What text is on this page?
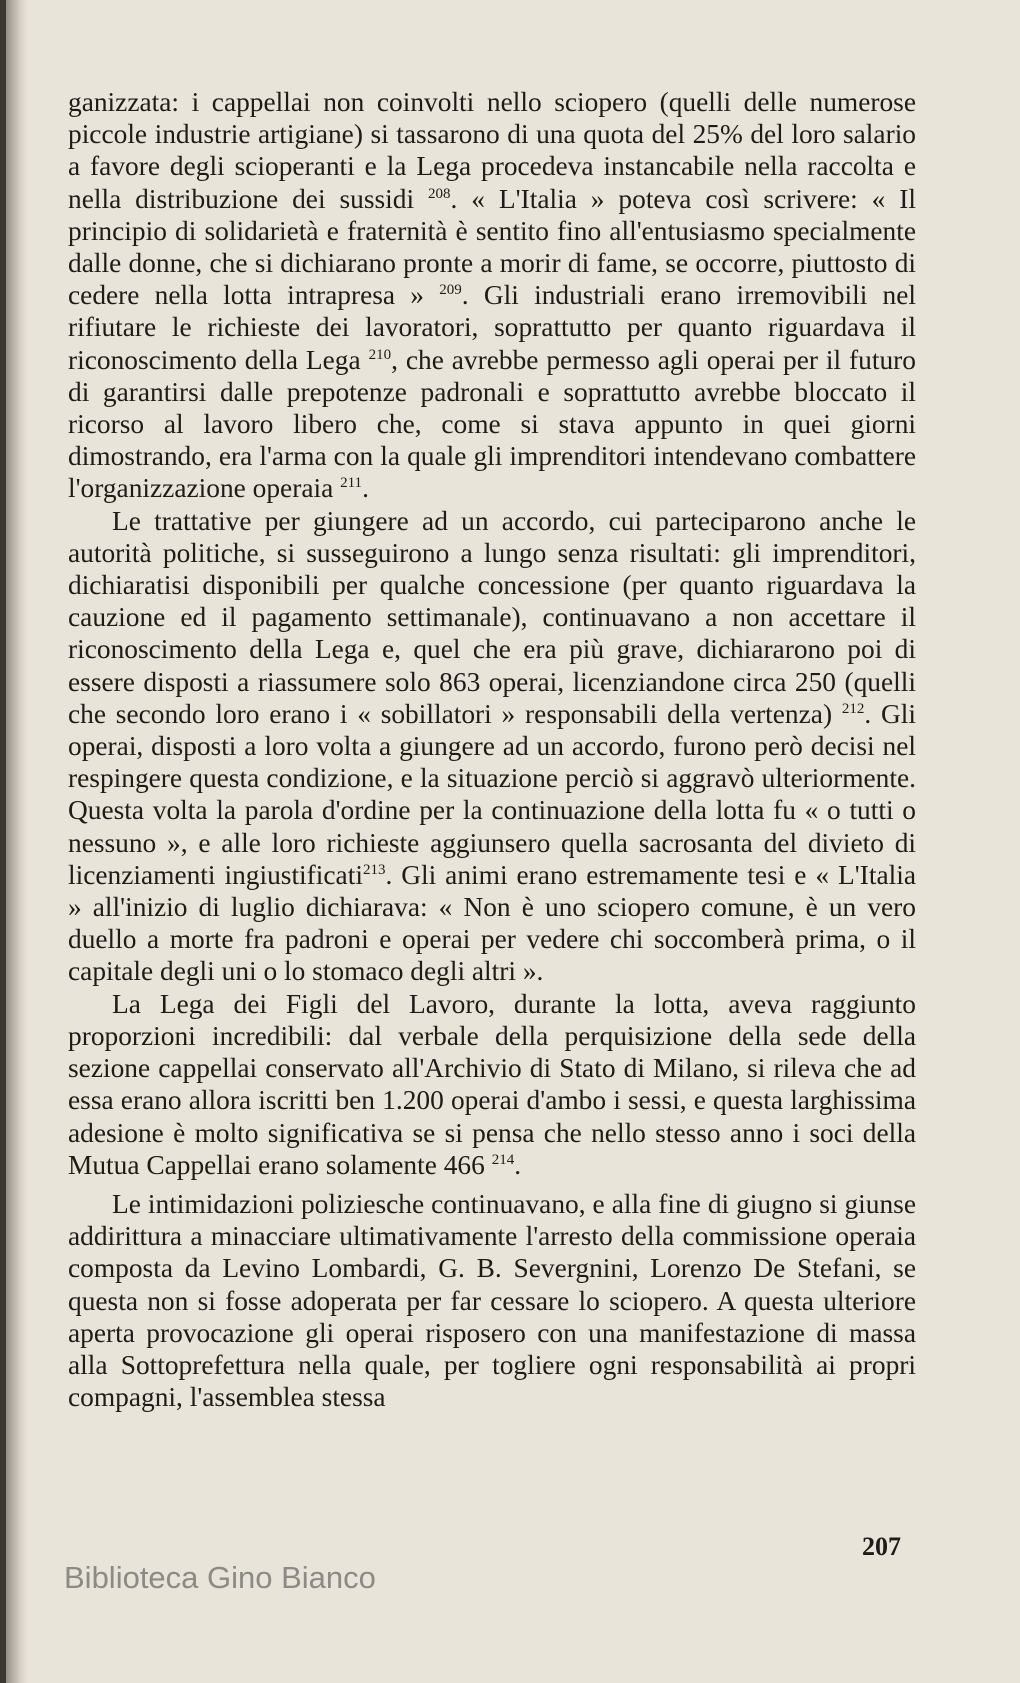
ganizzata: i cappellai non coinvolti nello sciopero (quelli delle numerose piccole industrie artigiane) si tassarono di una quota del 25% del loro salario a favore degli scioperanti e la Lega procedeva instancabile nella raccolta e nella distribuzione dei sussidi $^{208}$. « L'Italia » poteva così scrivere: « Il principio di solidarietà e fraternità è sentito fino all'entusiasmo specialmente dalle donne, che si dichiarano pronte a morir di fame, se occorre, piuttosto di cedere nella lotta intrapresa » $^{209}$. Gli industriali erano irremovibili nel rifiutare le richieste dei lavoratori, soprattutto per quanto riguardava il riconoscimento della Lega $^{210}$, che avrebbe permesso agli operai per il futuro di garantirsi dalle prepotenze padronali e soprattutto avrebbe bloccato il ricorso al lavoro libero che, come si stava appunto in quei giorni dimostrando, era l'arma con la quale gli imprenditori intendevano combattere l'organizzazione operaia $^{211}$.

Le trattative per giungere ad un accordo, cui parteciparono anche le autorità politiche, si susseguirono a lungo senza risultati: gli imprenditori, dichiaratisi disponibili per qualche concessione (per quanto riguardava la cauzione ed il pagamento settimanale), continuavano a non accettare il riconoscimento della Lega e, quel che era più grave, dichiararono poi di essere disposti a riassumere solo 863 operai, licenziandone circa 250 (quelli che secondo loro erano i « sobillatori » responsabili della vertenza) $^{212}$. Gli operai, disposti a loro volta a giungere ad un accordo, furono però decisi nel respingere questa condizione, e la situazione perciò si aggravò ulteriormente. Questa volta la parola d'ordine per la continuazione della lotta fu « o tutti o nessuno », e alle loro richieste aggiunsero quella sacrosanta del divieto di licenziamenti ingiustificati$^{213}$. Gli animi erano estremamente tesi e « L'Italia » all'inizio di luglio dichiarava: « Non è uno sciopero comune, è un vero duello a morte fra padroni e operai per vedere chi soccomberà prima, o il capitale degli uni o lo stomaco degli altri ».

La Lega dei Figli del Lavoro, durante la lotta, aveva raggiunto proporzioni incredibili: dal verbale della perquisizione della sede della sezione cappellai conservato all'Archivio di Stato di Milano, si rileva che ad essa erano allora iscritti ben 1.200 operai d'ambo i sessi, e questa larghissima adesione è molto significativa se si pensa che nello stesso anno i soci della Mutua Cappellai erano solamente 466 $^{214}$.

Le intimidazioni poliziesche continuavano, e alla fine di giugno si giunse addirittura a minacciare ultimativamente l'arresto della commissione operaia composta da Levino Lombardi, G. B. Severgnini, Lorenzo De Stefani, se questa non si fosse adoperata per far cessare lo sciopero. A questa ulteriore aperta provocazione gli operai risposero con una manifestazione di massa alla Sottoprefettura nella quale, per togliere ogni responsabilità ai propri compagni, l'assemblea stessa

207
Biblioteca Gino Bianco
